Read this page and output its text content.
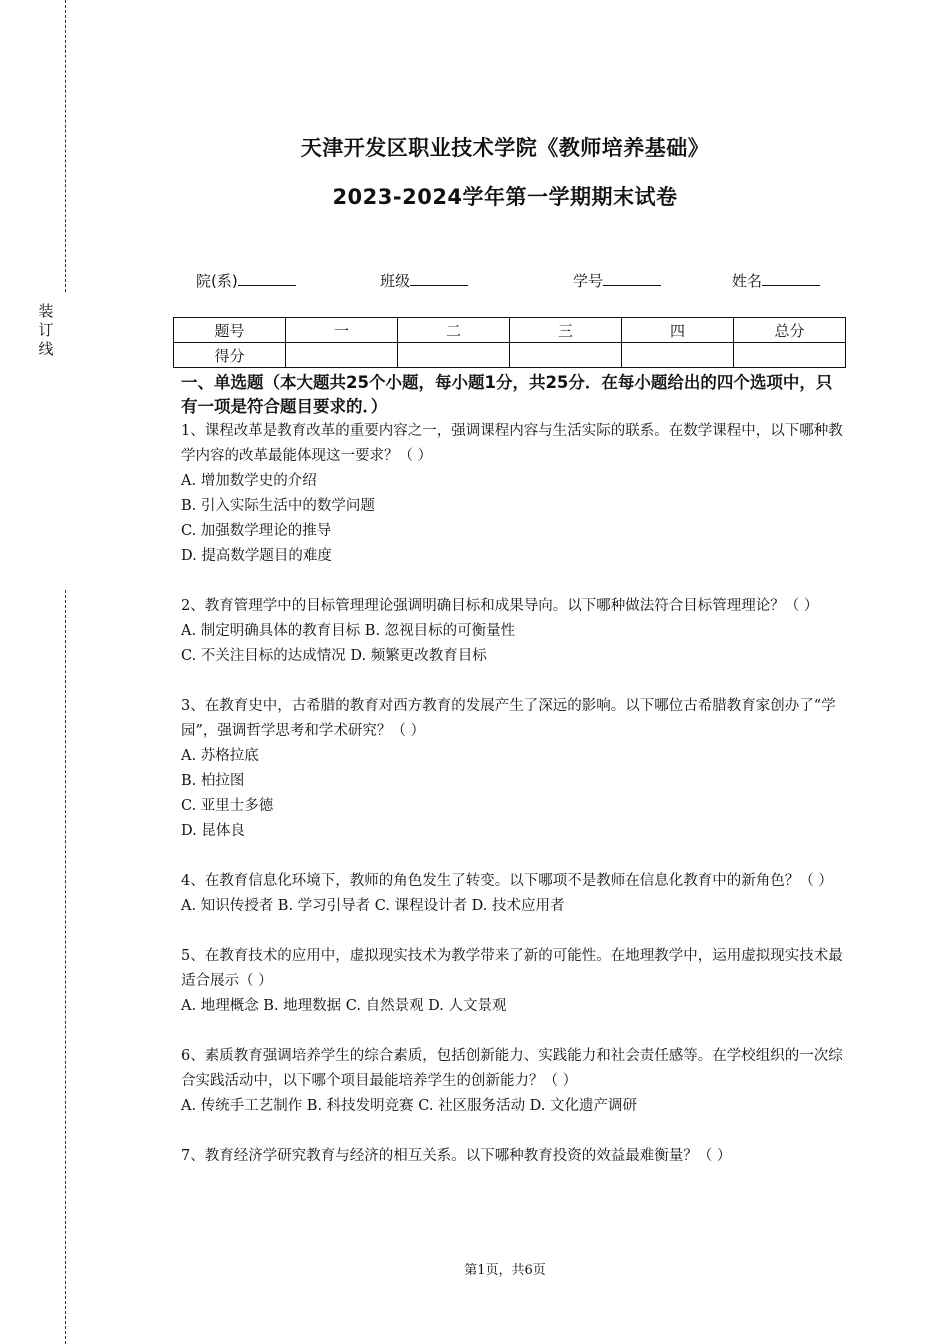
装
订
线
天津开发区职业技术学院《教师培养基础》
2023-2024学年第一学期期末试卷
院(系)	班级	学号	姓名
题号	一	二	三	四	总分
得分					

一、单选题（本大题共25个小题，每小题1分，共25分．在每小题给出的四个选项中，只有一项是符合题目要求的．）

1、课程改革是教育改革的重要内容之一，强调课程内容与生活实际的联系。在数学课程中，以下哪种教学内容的改革最能体现这一要求？（ ）

A. 增加数学史的介绍

B. 引入实际生活中的数学问题

C. 加强数学理论的推导

D. 提高数学题目的难度

2、教育管理学中的目标管理理论强调明确目标和成果导向。以下哪种做法符合目标管理理论？（ ）

A. 制定明确具体的教育目标 B. 忽视目标的可衡量性

C. 不关注目标的达成情况 D. 频繁更改教育目标

3、在教育史中，古希腊的教育对西方教育的发展产生了深远的影响。以下哪位古希腊教育家创办了“学园”，强调哲学思考和学术研究？（ ）

A. 苏格拉底

B. 柏拉图

C. 亚里士多德

D. 昆体良

4、在教育信息化环境下，教师的角色发生了转变。以下哪项不是教师在信息化教育中的新角色？（ ）

A. 知识传授者 B. 学习引导者 C. 课程设计者 D. 技术应用者

5、在教育技术的应用中，虚拟现实技术为教学带来了新的可能性。在地理教学中，运用虚拟现实技术最适合展示（ ）

A. 地理概念 B. 地理数据 C. 自然景观 D. 人文景观

6、素质教育强调培养学生的综合素质，包括创新能力、实践能力和社会责任感等。在学校组织的一次综合实践活动中，以下哪个项目最能培养学生的创新能力？（ ）

A. 传统手工艺制作 B. 科技发明竞赛 C. 社区服务活动 D. 文化遗产调研

7、教育经济学研究教育与经济的相互关系。以下哪种教育投资的效益最难衡量？（ ）

第1页，共6页
